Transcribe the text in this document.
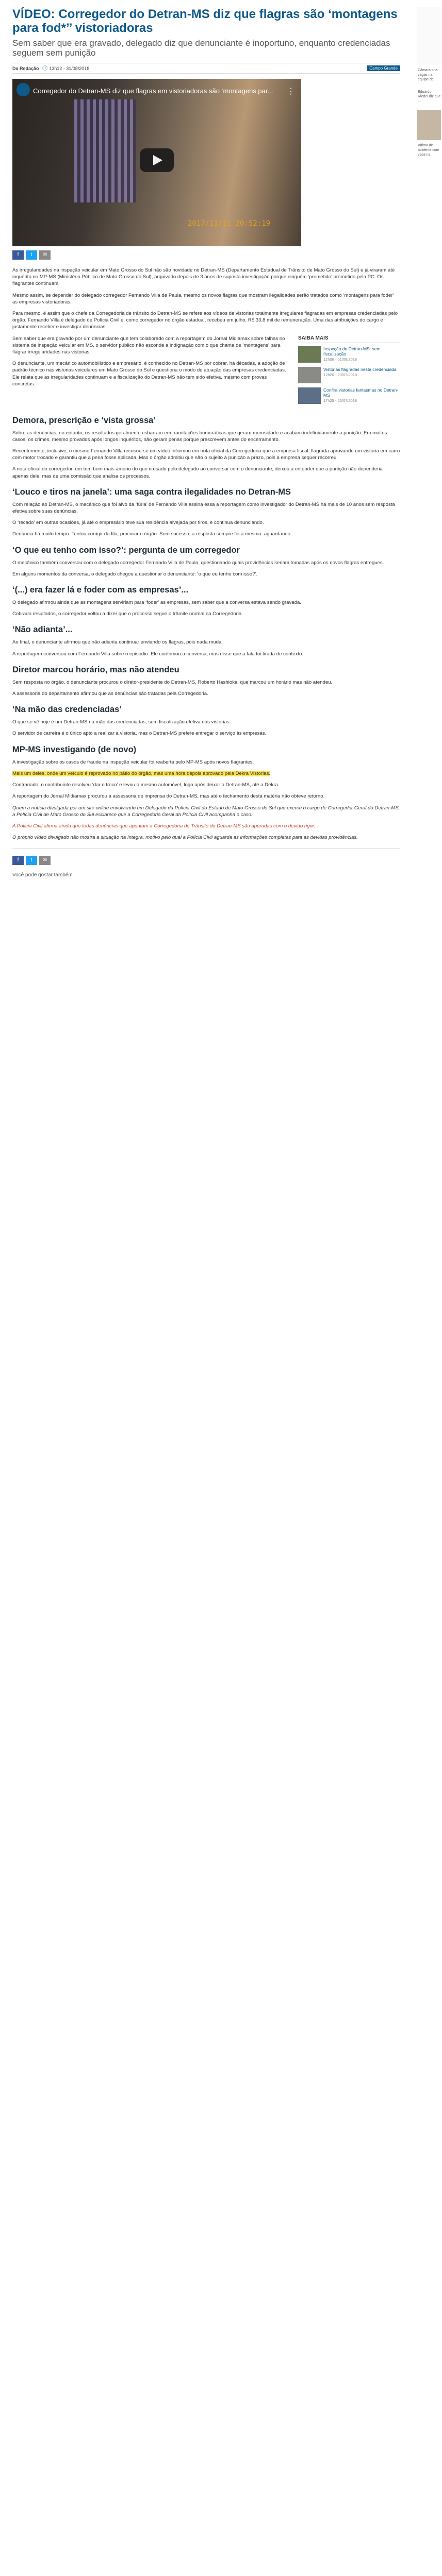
VÍDEO: Corregedor do Detran-MS diz que flagras são ‘montagens para fod*’’ vistoriadoras
Sem saber que era gravado, delegado diz que denunciante é inoportuno, enquanto credenciadas seguem sem punição
Da Redação 🕒 13h12 - 31/08/2018	Campo Grande
Corregedor do Detran-MS diz que flagras em vistoriadoras são ‘montagens par... ⋮
2017/11/11 20:52:19
f	t	✉

As irregularidades na inspeção veicular em Mato Grosso do Sul não são novidade no Detran-MS (Departamento Estadual de Trânsito de Mato Grosso do Sul) e já viraram até inquérito no MP-MS (Ministério Público de Mato Grosso do Sul), arquivado depois de 3 anos de suposta investigação porque ninguém ‘prometido’ prometido pela PC. Os flagrantes continuam.

Mesmo assim, se depender do delegado corregedor Fernando Villa de Paula, mesmo os novos flagras que mostram ilegalidades serão tratados como ‘montagens para foder’ as empresas vistoriadoras.

Para mesmo, é assim que o chefe da Corregedoria de trânsito do Detran-MS se refere aos vídeos de vistorias totalmente irregulares flagradas em empresas credenciadas pelo órgão. Fernando Villa é delegado de Polícia Civil e, como corregedor no órgão estadual, recebeu em julho, R$ 33,8 mil de remuneração. Uma das atribuições do cargo é justamente receber e investigar denúncias.

Sem saber que era gravado por um denunciante que tem colaborado com a reportagem do Jornal Midiamax sobre falhas no sistema de inspeção veicular em MS, o servidor público não esconde a indignação com o que chama de ‘montagens’ para flagrar irregularidades nas vistorias.

O denunciante, um mecânico automobilístico e empresário, é conhecido no Detran-MS por cobrar, há décadas, a adoção de padrão técnico nas vistorias veiculares em Mato Grosso do Sul e questiona o modo de atuação das empresas credenciadas. Ele relata que as irregularidades continuam e a fiscalização do Detran-MS não tem sido efetiva, mesmo com provas concretas.

SAIBA MAIS
Inspeção do Detran-MS: sem fiscalização
12h06 - 01/08/2018
Vistorias flagradas nesta credenciada
12h20 - 23/07/2018
Confira vistorias fantasmas no Detran-MS
17h25 - 23/07/2018
Demora, prescrição e ‘vista grossa’

Sobre as denúncias, no entanto, os resultados geralmente esbarram em tramitações burocráticas que geram morosidade e acabam indefinidamente a punição. Em muitos casos, os crimes, mesmo provados após longos inquéritos, não geram penas porque prescrevem antes do encerramento.

Recentemente, inclusive, o mesmo Fernando Villa recusou-se um vídeo informou em nota oficial da Corregedoria que a empresa fiscal, flagrada aprovando um vistoria em carro com motor trocado e garantiu que a pena fosse aplicada. Mas o órgão admitiu que não o sujeito à punição a prazo, pois a empresa sequer recorreu.

A nota oficial do corregedor, em tom bem mais ameno do que o usado pelo delegado ao conversar com o denunciante, deixou a entender que a punição não dependeria apenas dele, mas de uma comissão que analisa os processos.

‘Louco e tiros na janela’: uma saga contra ilegalidades no Detran-MS

Com relação ao Detran-MS, o mecânico que foi alvo da ‘fúria’ de Fernando Villa assina essa a reportagem como investigador do Detran-MS há mais de 10 anos sem resposta efetiva sobre suas denúncias.

O ‘recado’ em outras ocasiões, já até o empresário teve sua residência alvejada por tiros, e continua denunciando.

Denúncia há muito tempo. Tentou corrigir da fila, procurar o órgão. Sem sucesso, a resposta sempre foi a mesma: aguardando.

‘O que eu tenho com isso?’: pergunta de um corregedor

O mecânico também conversou com o delegado corregedor Fernando Villa de Paula, questionando quais providências seriam tomadas após os novos flagras entregues.

Em alguns momentos da conversa, o delegado chegou a questionar o denunciante: ‘o que eu tenho com isso?’.

‘(...) era fazer lá e foder com as empresas’...

O delegado afirmou ainda que as montagens serviriam para ‘foder’ as empresas, sem saber que a conversa estava sendo gravada.

Cobrado resultados, o corregedor voltou a dizer que o processo segue o trâmite normal na Corregedoria.

‘Não adianta’...

Ao final, o denunciante afirmou que não adianta continuar enviando os flagras, pois nada muda.

A reportagem conversou com Fernando Villa sobre o episódio. Ele confirmou a conversa, mas disse que a fala foi tirada de contexto.

Diretor marcou horário, mas não atendeu

Sem resposta no órgão, o denunciante procurou o diretor-presidente do Detran-MS, Roberto Hashioka, que marcou um horário mas não atendeu.

A assessoria do departamento afirmou que as denúncias são tratadas pela Corregedoria.

‘Na mão das credenciadas’

O que se vê hoje é um Detran-MS na mão das credenciadas, sem fiscalização efetiva das vistorias.

O servidor de carreira é o único apto a realizar a vistoria, mas o Detran-MS prefere entregar o serviço às empresas.

MP-MS investigando (de novo)

A investigação sobre os casos de fraude na inspeção veicular foi reaberta pelo MP-MS após novos flagrantes.

Mais um deles, onde um veículo é reprovado no pátio do órgão, mas uma hora depois aprovado pela Dekra Vistorias.

Contrariado, o contribuinte resolveu ‘dar o troco’ e levou o mesmo automóvel, logo após deixar o Detran-MS, até a Dekra.

A reportagem do Jornal Midiamax procurou a assessoria de imprensa do Detran-MS, mas até o fechamento desta matéria não obteve retorno.

Quem a notícia divulgada por um site online envolvendo um Delegado da Polícia Civil do Estado de Mato Grosso do Sul que exerce o cargo de Corregedor Geral do Detran-MS, a Polícia Civil de Mato Grosso do Sul esclarece que a Corregedoria Geral da Polícia Civil acompanha o caso.
A Polícia Civil afirma ainda que todas denúncias que apontam a Corregedoria de Trânsito do Detran-MS são apuradas com o devido rigor.
O próprio vídeo divulgado não mostra a situação na íntegra, motivo pelo qual a Polícia Civil aguarda as informações completas para as devidas providências.
f	t	✉
Você pode gostar também
Câmara cria vagas na equipe de ...
Eduardo Riedel diz que ...
Vítima de acidente com vaca na ...
